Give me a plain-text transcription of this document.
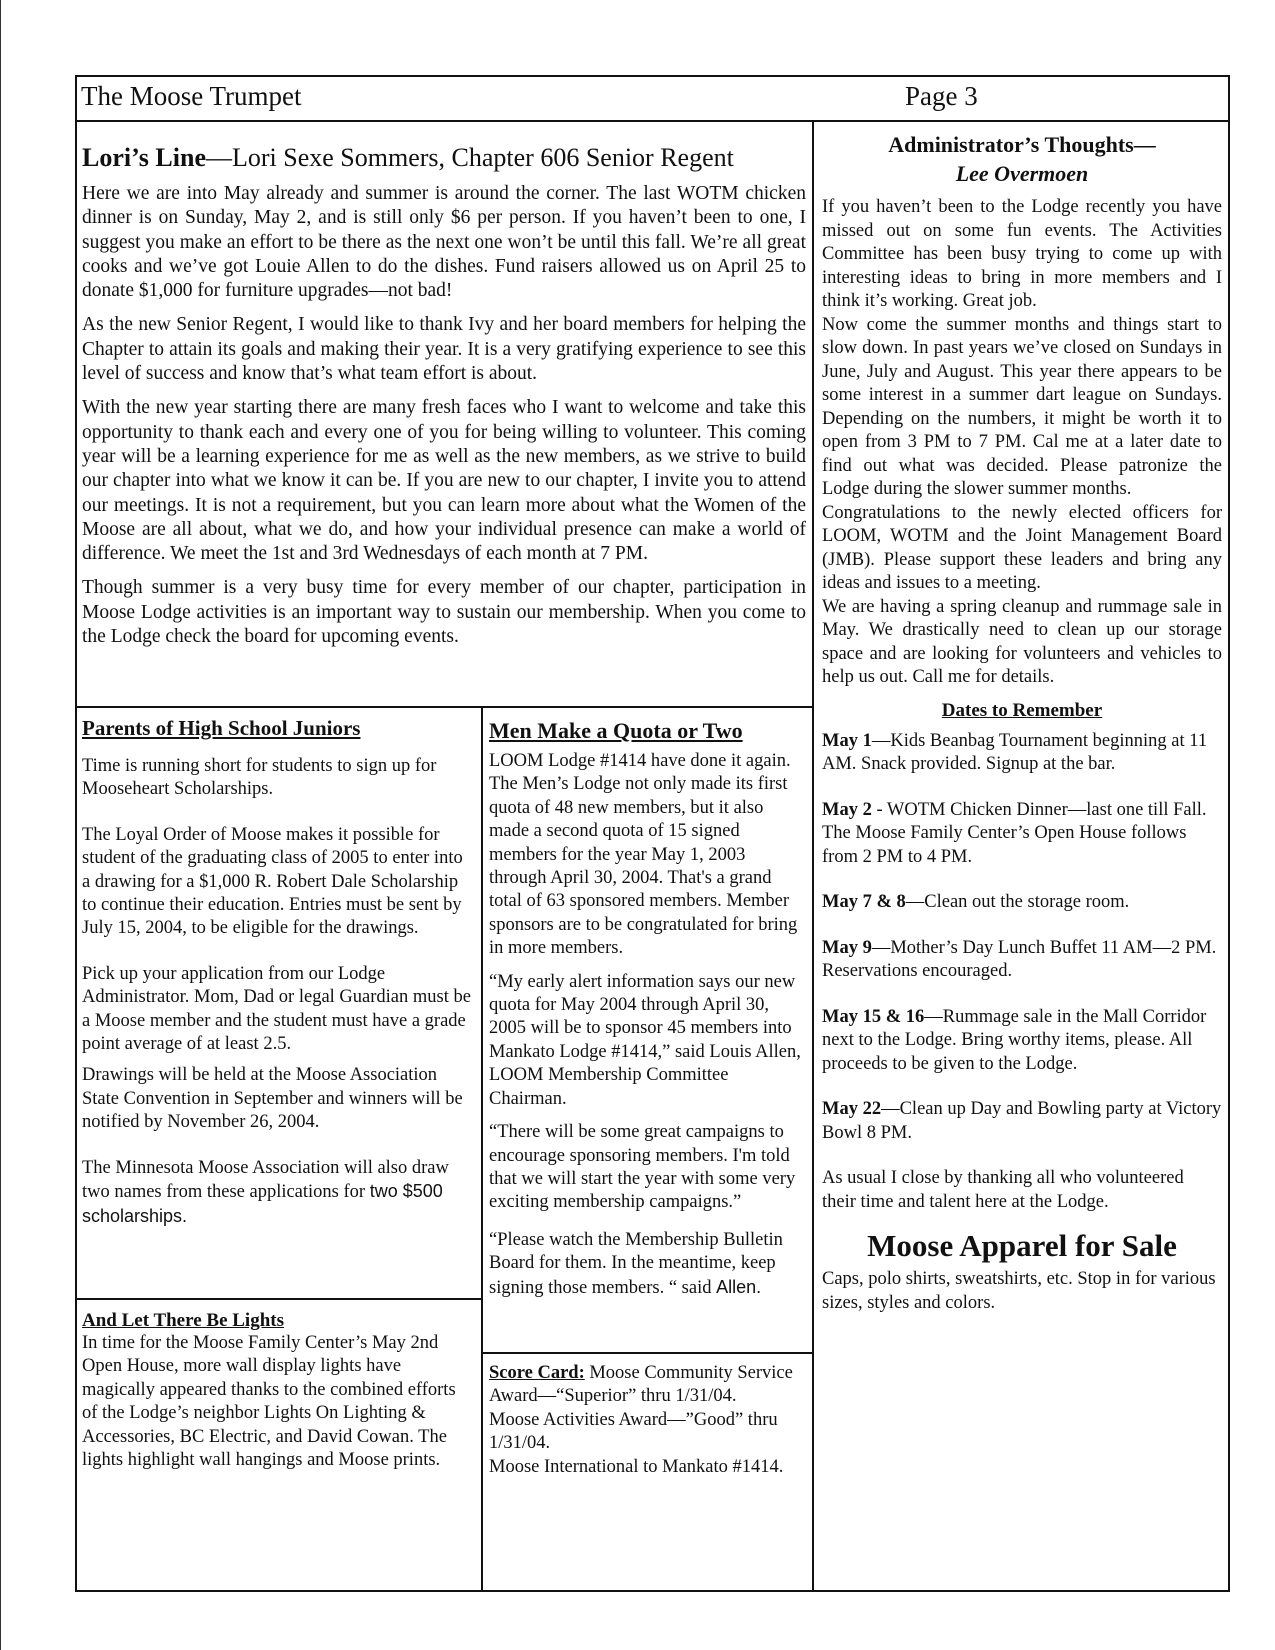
The Moose Trumpet	Page 3
Lori’s Line—Lori Sexe Sommers, Chapter 606 Senior Regent

Here we are into May already and summer is around the corner. The last WOTM chicken dinner is on Sunday, May 2, and is still only $6 per person. If you haven’t been to one, I suggest you make an effort to be there as the next one won’t be until this fall. We’re all great cooks and we’ve got Louie Allen to do the dishes. Fund raisers allowed us on April 25 to donate $1,000 for furniture upgrades—not bad!

As the new Senior Regent, I would like to thank Ivy and her board members for helping the Chapter to attain its goals and making their year. It is a very gratifying experience to see this level of success and know that’s what team effort is about.

With the new year starting there are many fresh faces who I want to welcome and take this opportunity to thank each and every one of you for being willing to volunteer. This coming year will be a learning experience for me as well as the new members, as we strive to build our chapter into what we know it can be. If you are new to our chapter, I invite you to attend our meetings. It is not a requirement, but you can learn more about what the Women of the Moose are all about, what we do, and how your individual presence can make a world of difference. We meet the 1st and 3rd Wednesdays of each month at 7 PM.

Though summer is a very busy time for every member of our chapter, participation in Moose Lodge activities is an important way to sustain our membership. When you come to the Lodge check the board for upcoming events.

Administrator’s Thoughts—
Lee Overmoen
If you haven’t been to the Lodge recently you have missed out on some fun events. The Activities Committee has been busy trying to come up with interesting ideas to bring in more members and I think it’s working. Great job.
Now come the summer months and things start to slow down. In past years we’ve closed on Sundays in June, July and August. This year there appears to be some interest in a summer dart league on Sundays. Depending on the numbers, it might be worth it to open from 3 PM to 7 PM. Cal me at a later date to find out what was decided. Please patronize the Lodge during the slower summer months.
Congratulations to the newly elected officers for LOOM, WOTM and the Joint Management Board (JMB). Please support these leaders and bring any ideas and issues to a meeting.
We are having a spring cleanup and rummage sale in May. We drastically need to clean up our storage space and are looking for volunteers and vehicles to help us out. Call me for details.
Dates to Remember
May 1—Kids Beanbag Tournament beginning at 11 AM. Snack provided. Signup at the bar.
May 2 - WOTM Chicken Dinner—last one till Fall. The Moose Family Center’s Open House follows from 2 PM to 4 PM.
May 7 & 8—Clean out the storage room.
May 9—Mother’s Day Lunch Buffet 11 AM—2 PM. Reservations encouraged.
May 15 & 16—Rummage sale in the Mall Corridor next to the Lodge. Bring worthy items, please. All proceeds to be given to the Lodge.
May 22—Clean up Day and Bowling party at Victory Bowl 8 PM.
As usual I close by thanking all who volunteered their time and talent here at the Lodge.
Moose Apparel for Sale
Caps, polo shirts, sweatshirts, etc. Stop in for various sizes, styles and colors.
Parents of High School Juniors

Time is running short for students to sign up for Mooseheart Scholarships.

The Loyal Order of Moose makes it possible for student of the graduating class of 2005 to enter into a drawing for a $1,000 R. Robert Dale Scholarship to continue their education. Entries must be sent by July 15, 2004, to be eligible for the drawings.

Pick up your application from our Lodge Administrator. Mom, Dad or legal Guardian must be a Moose member and the student must have a grade point average of at least 2.5.

Drawings will be held at the Moose Association State Convention in September and winners will be notified by November 26, 2004.

The Minnesota Moose Association will also draw two names from these applications for two $500 scholarships.

And Let There Be Lights
In time for the Moose Family Center’s May 2nd Open House, more wall display lights have magically appeared thanks to the combined efforts of the Lodge’s neighbor Lights On Lighting & Accessories, BC Electric, and David Cowan. The lights highlight wall hangings and Moose prints.
Men Make a Quota or Two

LOOM Lodge #1414 have done it again. The Men’s Lodge not only made its first quota of 48 new members, but it also made a second quota of 15 signed members for the year May 1, 2003 through April 30, 2004. That's a grand total of 63 sponsored members. Member sponsors are to be congratulated for bring in more members.

“My early alert information says our new quota for May 2004 through April 30, 2005 will be to sponsor 45 members into Mankato Lodge #1414,” said Louis Allen, LOOM Membership Committee Chairman.

“There will be some great campaigns to encourage sponsoring members. I'm told that we will start the year with some very exciting membership campaigns.”

“Please watch the Membership Bulletin Board for them. In the meantime, keep signing those members. “ said Allen.

Score Card: Moose Community Service Award—“Superior” thru 1/31/04.
Moose Activities Award—”Good” thru 1/31/04.
Moose International to Mankato #1414.
